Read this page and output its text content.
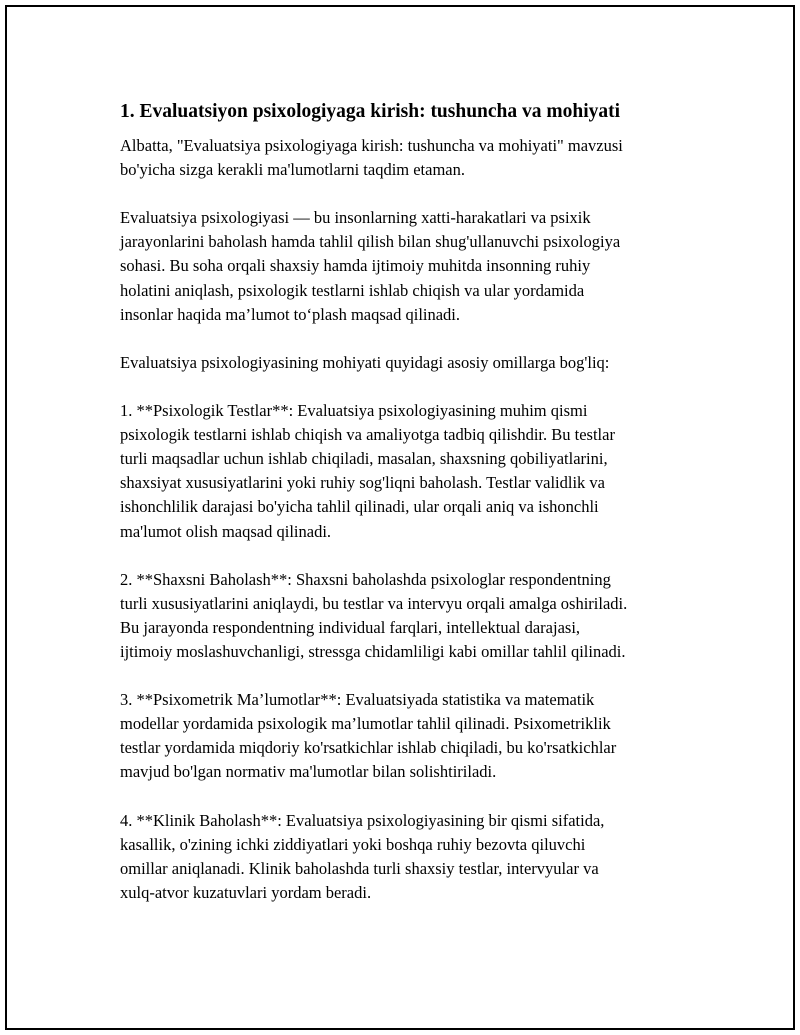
1. Evaluatsiyon psixologiyaga kirish: tushuncha va mohiyati

Albatta, "Evaluatsiya psixologiyaga kirish: tushuncha va mohiyati" mavzusi
bo'yicha sizga kerakli ma'lumotlarni taqdim etaman.

Evaluatsiya psixologiyasi — bu insonlarning xatti-harakatlari va psixik
jarayonlarini baholash hamda tahlil qilish bilan shug'ullanuvchi psixologiya
sohasi. Bu soha orqali shaxsiy hamda ijtimoiy muhitda insonning ruhiy
holatini aniqlash, psixologik testlarni ishlab chiqish va ular yordamida
insonlar haqida ma’lumot to‘plash maqsad qilinadi.

Evaluatsiya psixologiyasining mohiyati quyidagi asosiy omillarga bog'liq:

1. **Psixologik Testlar**: Evaluatsiya psixologiyasining muhim qismi
psixologik testlarni ishlab chiqish va amaliyotga tadbiq qilishdir. Bu testlar
turli maqsadlar uchun ishlab chiqiladi, masalan, shaxsning qobiliyatlarini,
shaxsiyat xususiyatlarini yoki ruhiy sog'liqni baholash. Testlar validlik va
ishonchlilik darajasi bo'yicha tahlil qilinadi, ular orqali aniq va ishonchli
ma'lumot olish maqsad qilinadi.

2. **Shaxsni Baholash**: Shaxsni baholashda psixologlar respondentning
turli xususiyatlarini aniqlaydi, bu testlar va intervyu orqali amalga oshiriladi.
Bu jarayonda respondentning individual farqlari, intellektual darajasi,
ijtimoiy moslashuvchanligi, stressga chidamliligi kabi omillar tahlil qilinadi.

3. **Psixometrik Ma’lumotlar**: Evaluatsiyada statistika va matematik
modellar yordamida psixologik ma’lumotlar tahlil qilinadi. Psixometriklik
testlar yordamida miqdoriy ko'rsatkichlar ishlab chiqiladi, bu ko'rsatkichlar
mavjud bo'lgan normativ ma'lumotlar bilan solishtiriladi.

4. **Klinik Baholash**: Evaluatsiya psixologiyasining bir qismi sifatida,
kasallik, o'zining ichki ziddiyatlari yoki boshqa ruhiy bezovta qiluvchi
omillar aniqlanadi. Klinik baholashda turli shaxsiy testlar, intervyular va
xulq-atvor kuzatuvlari yordam beradi.
